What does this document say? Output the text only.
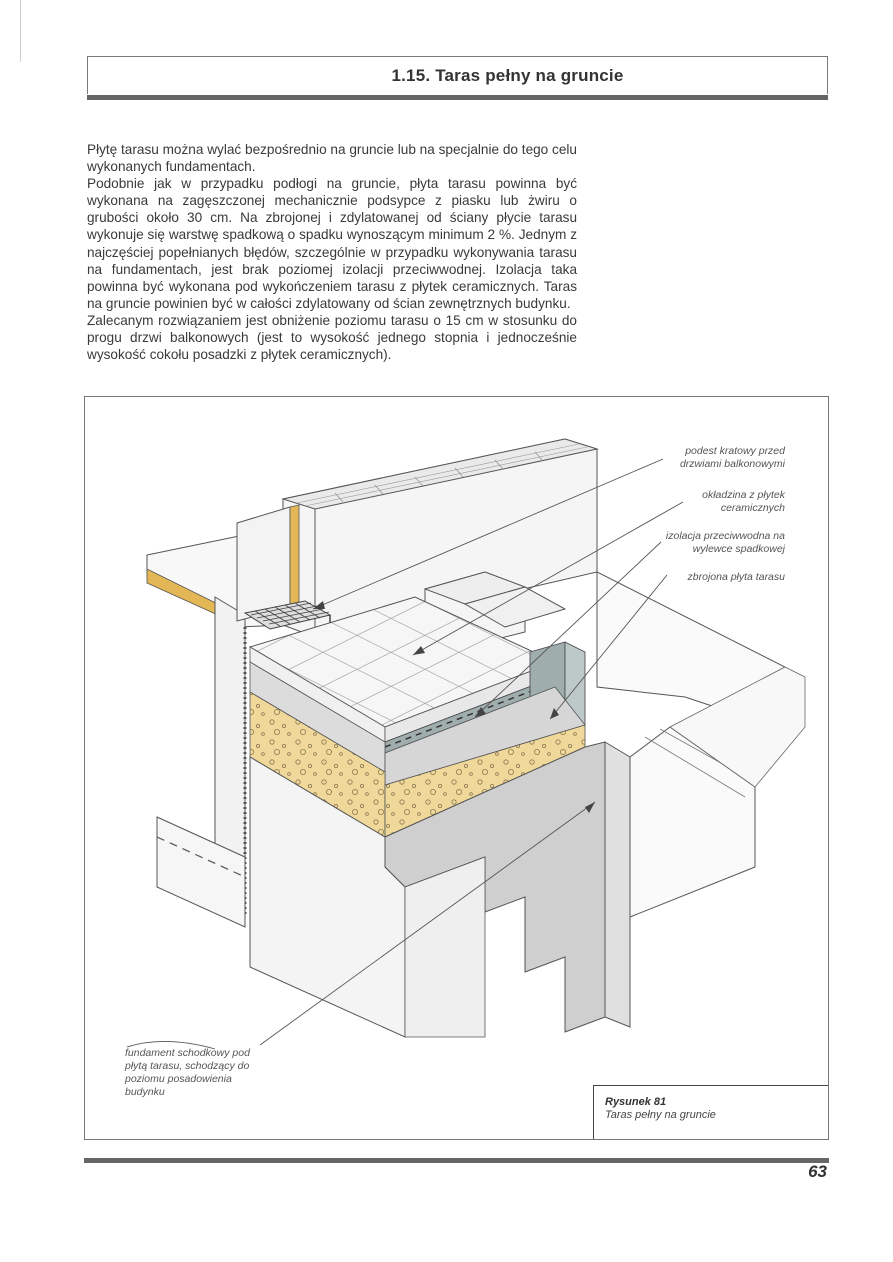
1.15. Taras pełny na gruncie

Płytę tarasu można wylać bezpośrednio na gruncie lub na specjalnie do tego celu wykonanych fundamentach.

Podobnie jak w przypadku podłogi na gruncie, płyta tarasu powinna być wykonana na zagęszczonej mechanicznie podsypce z piasku lub żwiru o grubości około 30 cm. Na zbrojonej i zdylatowanej od ściany płycie tarasu wykonuje się warstwę spadkową o spadku wynoszącym minimum 2 %. Jednym z najczęściej popełnianych błędów, szczególnie w przypadku wykonywania tarasu na fundamentach, jest brak poziomej izolacji przeciwwodnej. Izolacja taka powinna być wykonana pod wykończeniem tarasu z płytek ceramicznych. Taras na gruncie powinien być w całości zdylatowany od ścian zewnętrznych budynku.

Zalecanym rozwiązaniem jest obniżenie poziomu tarasu o 15 cm w stosunku do progu drzwi balkonowych (jest to wysokość jednego stopnia i jednocześnie wysokość cokołu posadzki z płytek ceramicznych).

podest kratowy przed drzwiami balkonowymi
okładzina z płytek ceramicznych
izolacja przeciwwodna na wylewce spadkowej
zbrojona płyta tarasu
fundament schodkowy pod płytą tarasu, schodzący do poziomu posadowienia budynku
Rysunek 81
Taras pełny na gruncie
63
